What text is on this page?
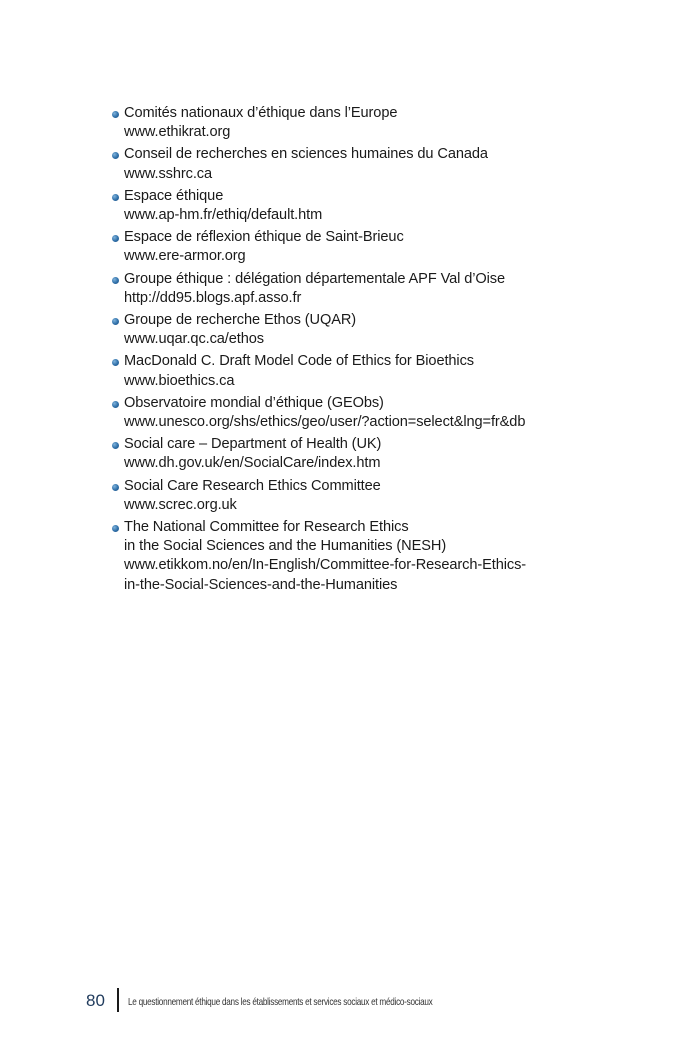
Comités nationaux d’éthique dans l’Europe
www.ethikrat.org
Conseil de recherches en sciences humaines du Canada
www.sshrc.ca
Espace éthique
www.ap-hm.fr/ethiq/default.htm
Espace de réflexion éthique de Saint-Brieuc
www.ere-armor.org
Groupe éthique : délégation départementale APF Val d’Oise
http://dd95.blogs.apf.asso.fr
Groupe de recherche Ethos (UQAR)
www.uqar.qc.ca/ethos
MacDonald C. Draft Model Code of Ethics for Bioethics
www.bioethics.ca
Observatoire mondial d’éthique (GEObs)
www.unesco.org/shs/ethics/geo/user/?action=select&lng=fr&db
Social care – Department of Health (UK)
www.dh.gov.uk/en/SocialCare/index.htm
Social Care Research Ethics Committee
www.screc.org.uk
The National Committee for Research Ethics
in the Social Sciences and the Humanities (NESH)
www.etikkom.no/en/In-English/Committee-for-Research-Ethics-
in-the-Social-Sciences-and-the-Humanities
80 Le questionnement éthique dans les établissements et services sociaux et médico-sociaux
